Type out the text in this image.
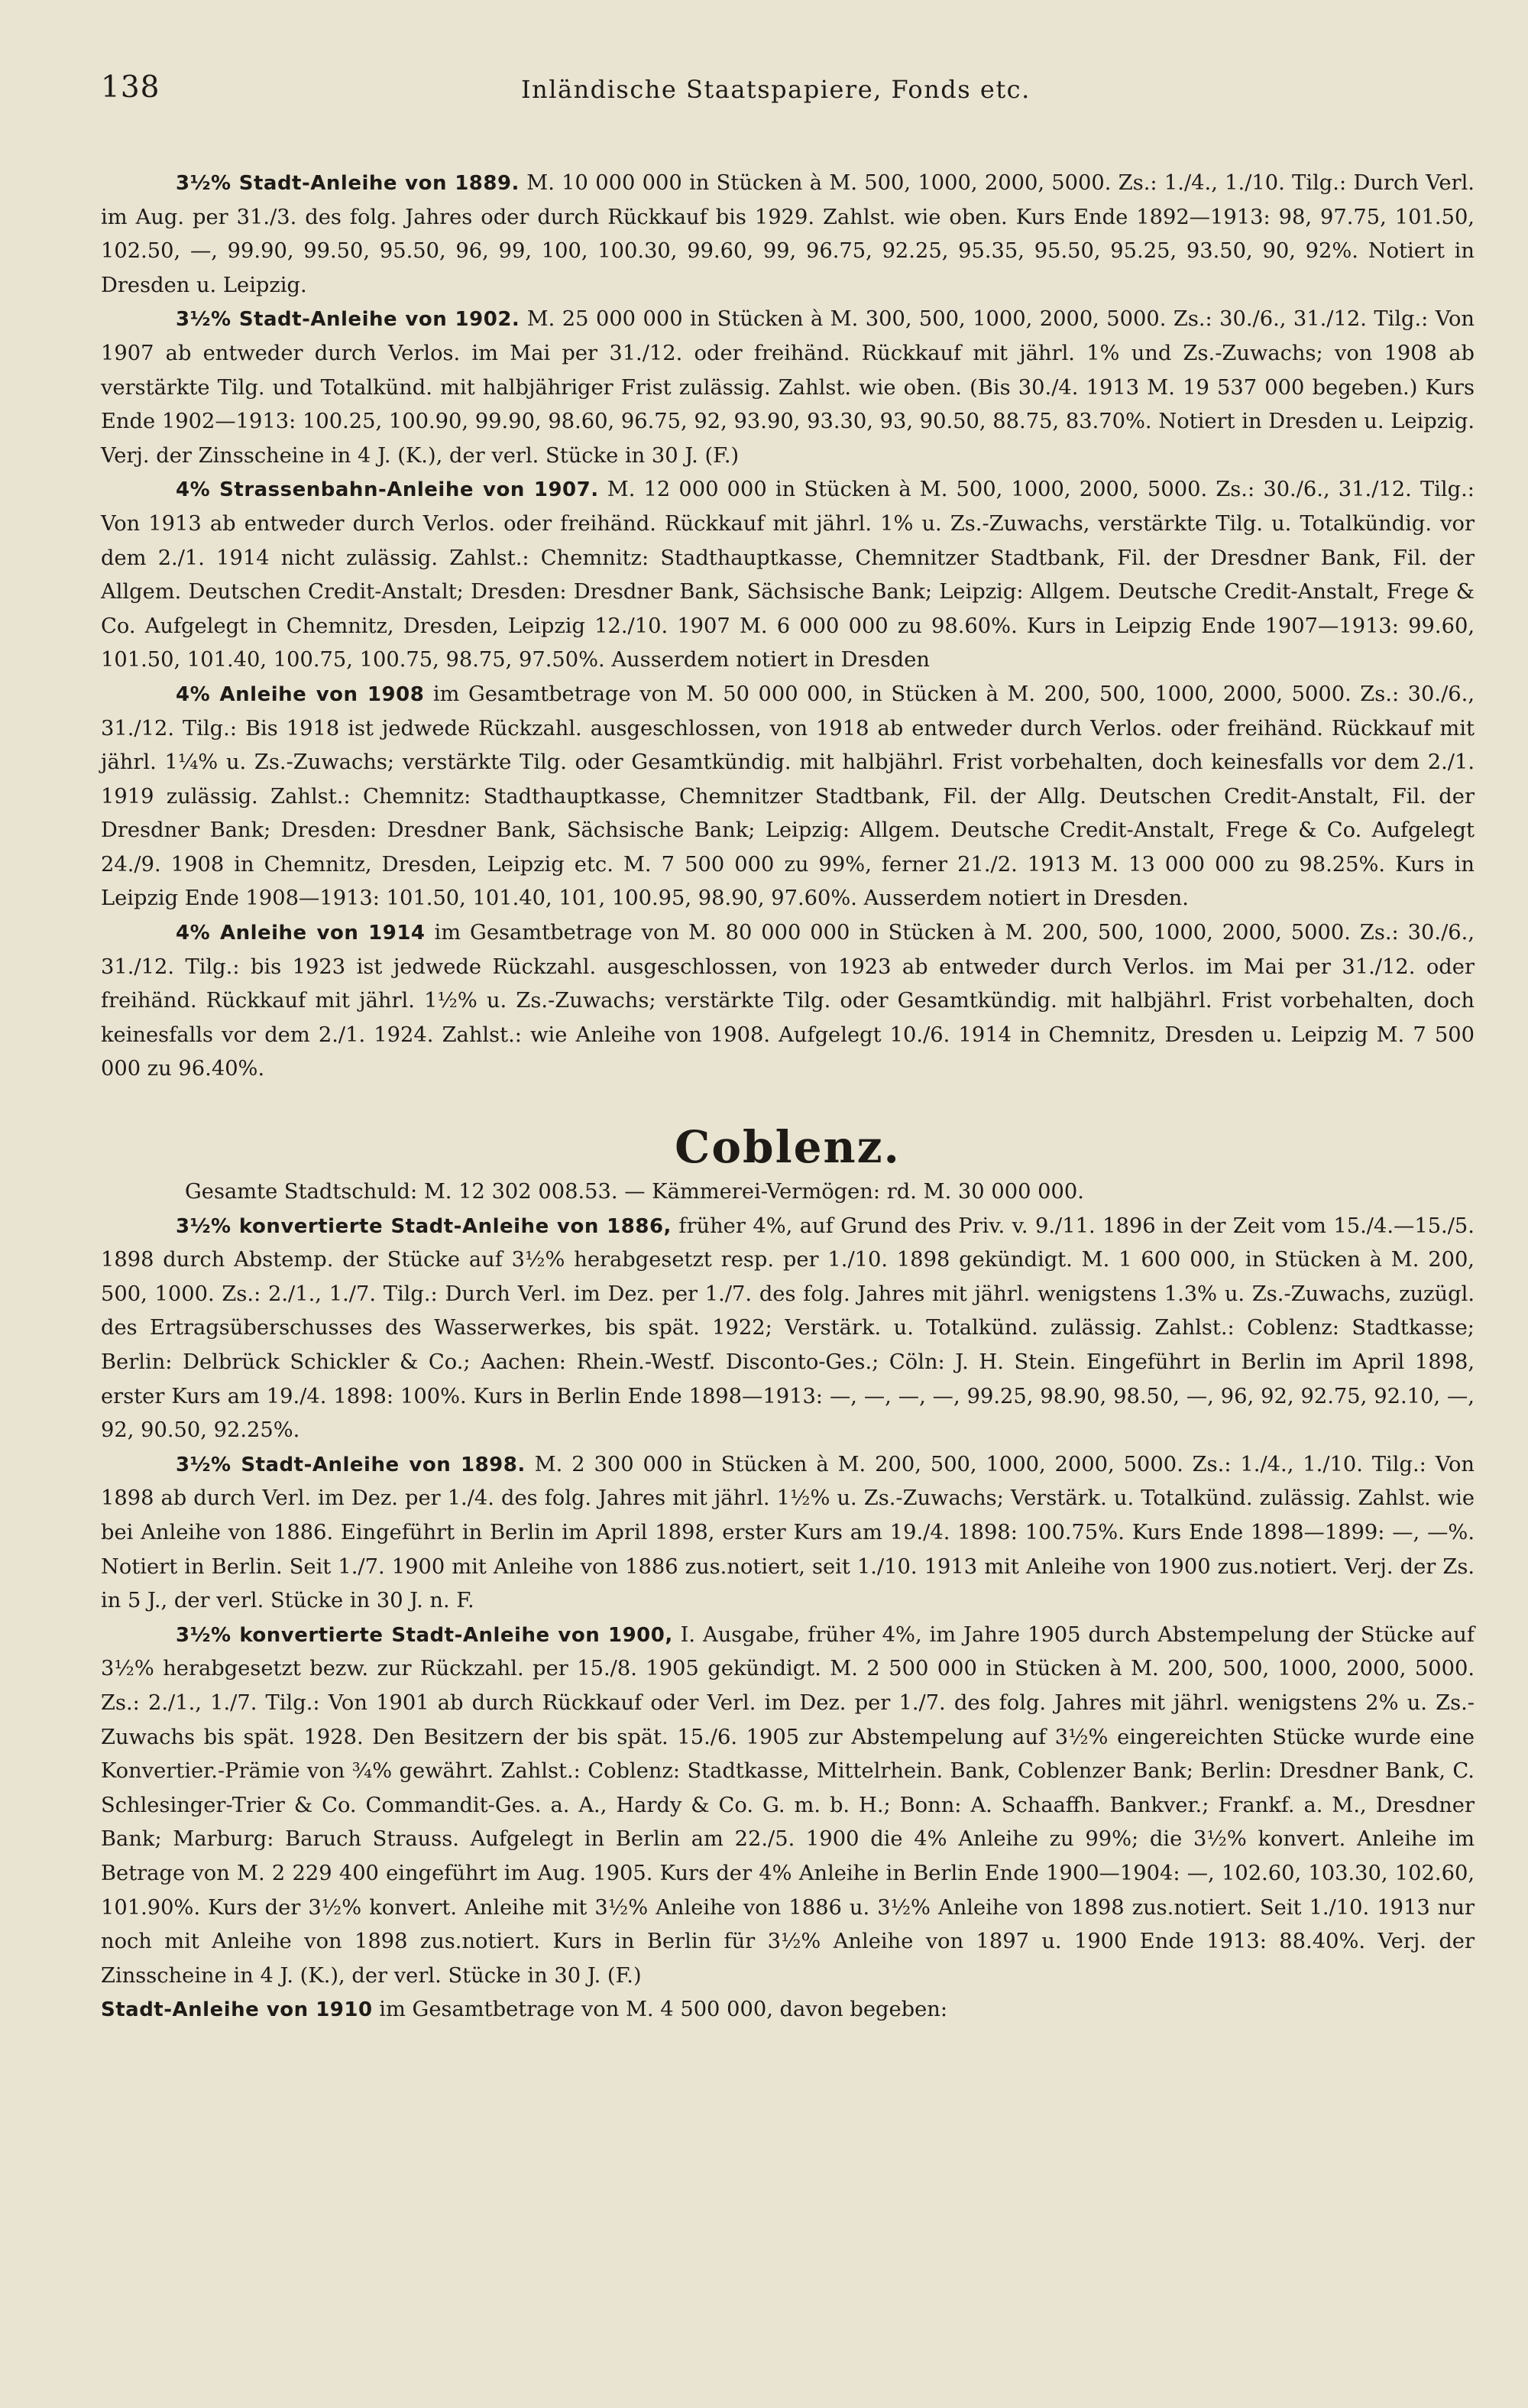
138	Inländische Staatspapiere, Fonds etc.

3½% Stadt-Anleihe von 1889. M. 10 000 000 in Stücken à M. 500, 1000, 2000, 5000. Zs.: 1./4., 1./10. Tilg.: Durch Verl. im Aug. per 31./3. des folg. Jahres oder durch Rückkauf bis 1929. Zahlst. wie oben. Kurs Ende 1892—1913: 98, 97.75, 101.50, 102.50, —, 99.90, 99.50, 95.50, 96, 99, 100, 100.30, 99.60, 99, 96.75, 92.25, 95.35, 95.50, 95.25, 93.50, 90, 92%. Notiert in Dresden u. Leipzig.

3½% Stadt-Anleihe von 1902. M. 25 000 000 in Stücken à M. 300, 500, 1000, 2000, 5000. Zs.: 30./6., 31./12. Tilg.: Von 1907 ab entweder durch Verlos. im Mai per 31./12. oder freihänd. Rückkauf mit jährl. 1% und Zs.-Zuwachs; von 1908 ab verstärkte Tilg. und Totalkünd. mit halbjähriger Frist zulässig. Zahlst. wie oben. (Bis 30./4. 1913 M. 19 537 000 begeben.) Kurs Ende 1902—1913: 100.25, 100.90, 99.90, 98.60, 96.75, 92, 93.90, 93.30, 93, 90.50, 88.75, 83.70%. Notiert in Dresden u. Leipzig. Verj. der Zinsscheine in 4 J. (K.), der verl. Stücke in 30 J. (F.)

4% Strassenbahn-Anleihe von 1907. M. 12 000 000 in Stücken à M. 500, 1000, 2000, 5000. Zs.: 30./6., 31./12. Tilg.: Von 1913 ab entweder durch Verlos. oder freihänd. Rückkauf mit jährl. 1% u. Zs.-Zuwachs, verstärkte Tilg. u. Totalkündig. vor dem 2./1. 1914 nicht zulässig. Zahlst.: Chemnitz: Stadthauptkasse, Chemnitzer Stadtbank, Fil. der Dresdner Bank, Fil. der Allgem. Deutschen Credit-Anstalt; Dresden: Dresdner Bank, Sächsische Bank; Leipzig: Allgem. Deutsche Credit-Anstalt, Frege & Co. Aufgelegt in Chemnitz, Dresden, Leipzig 12./10. 1907 M. 6 000 000 zu 98.60%. Kurs in Leipzig Ende 1907—1913: 99.60, 101.50, 101.40, 100.75, 100.75, 98.75, 97.50%. Ausserdem notiert in Dresden

4% Anleihe von 1908 im Gesamtbetrage von M. 50 000 000, in Stücken à M. 200, 500, 1000, 2000, 5000. Zs.: 30./6., 31./12. Tilg.: Bis 1918 ist jedwede Rückzahl. ausgeschlossen, von 1918 ab entweder durch Verlos. oder freihänd. Rückkauf mit jährl. 1¼% u. Zs.-Zuwachs; verstärkte Tilg. oder Gesamtkündig. mit halbjährl. Frist vorbehalten, doch keinesfalls vor dem 2./1. 1919 zulässig. Zahlst.: Chemnitz: Stadthauptkasse, Chemnitzer Stadtbank, Fil. der Allg. Deutschen Credit-Anstalt, Fil. der Dresdner Bank; Dresden: Dresdner Bank, Sächsische Bank; Leipzig: Allgem. Deutsche Credit-Anstalt, Frege & Co. Aufgelegt 24./9. 1908 in Chemnitz, Dresden, Leipzig etc. M. 7 500 000 zu 99%, ferner 21./2. 1913 M. 13 000 000 zu 98.25%. Kurs in Leipzig Ende 1908—1913: 101.50, 101.40, 101, 100.95, 98.90, 97.60%. Ausserdem notiert in Dresden.

4% Anleihe von 1914 im Gesamtbetrage von M. 80 000 000 in Stücken à M. 200, 500, 1000, 2000, 5000. Zs.: 30./6., 31./12. Tilg.: bis 1923 ist jedwede Rückzahl. ausgeschlossen, von 1923 ab entweder durch Verlos. im Mai per 31./12. oder freihänd. Rückkauf mit jährl. 1½% u. Zs.-Zuwachs; verstärkte Tilg. oder Gesamtkündig. mit halbjährl. Frist vorbehalten, doch keinesfalls vor dem 2./1. 1924. Zahlst.: wie Anleihe von 1908. Aufgelegt 10./6. 1914 in Chemnitz, Dresden u. Leipzig M. 7 500 000 zu 96.40%.

Coblenz.

Gesamte Stadtschuld: M. 12 302 008.53. — Kämmerei-Vermögen: rd. M. 30 000 000.

3½% konvertierte Stadt-Anleihe von 1886, früher 4%, auf Grund des Priv. v. 9./11. 1896 in der Zeit vom 15./4.—15./5. 1898 durch Abstemp. der Stücke auf 3½% herabgesetzt resp. per 1./10. 1898 gekündigt. M. 1 600 000, in Stücken à M. 200, 500, 1000. Zs.: 2./1., 1./7. Tilg.: Durch Verl. im Dez. per 1./7. des folg. Jahres mit jährl. wenigstens 1.3% u. Zs.-Zuwachs, zuzügl. des Ertragsüberschusses des Wasserwerkes, bis spät. 1922; Verstärk. u. Totalkünd. zulässig. Zahlst.: Coblenz: Stadtkasse; Berlin: Delbrück Schickler & Co.; Aachen: Rhein.-Westf. Disconto-Ges.; Cöln: J. H. Stein. Eingeführt in Berlin im April 1898, erster Kurs am 19./4. 1898: 100%. Kurs in Berlin Ende 1898—1913: —, —, —, —, 99.25, 98.90, 98.50, —, 96, 92, 92.75, 92.10, —, 92, 90.50, 92.25%.

3½% Stadt-Anleihe von 1898. M. 2 300 000 in Stücken à M. 200, 500, 1000, 2000, 5000. Zs.: 1./4., 1./10. Tilg.: Von 1898 ab durch Verl. im Dez. per 1./4. des folg. Jahres mit jährl. 1½% u. Zs.-Zuwachs; Verstärk. u. Totalkünd. zulässig. Zahlst. wie bei Anleihe von 1886. Eingeführt in Berlin im April 1898, erster Kurs am 19./4. 1898: 100.75%. Kurs Ende 1898—1899: —, —%. Notiert in Berlin. Seit 1./7. 1900 mit Anleihe von 1886 zus.notiert, seit 1./10. 1913 mit Anleihe von 1900 zus.notiert. Verj. der Zs. in 5 J., der verl. Stücke in 30 J. n. F.

3½% konvertierte Stadt-Anleihe von 1900, I. Ausgabe, früher 4%, im Jahre 1905 durch Abstempelung der Stücke auf 3½% herabgesetzt bezw. zur Rückzahl. per 15./8. 1905 gekündigt. M. 2 500 000 in Stücken à M. 200, 500, 1000, 2000, 5000. Zs.: 2./1., 1./7. Tilg.: Von 1901 ab durch Rückkauf oder Verl. im Dez. per 1./7. des folg. Jahres mit jährl. wenigstens 2% u. Zs.-Zuwachs bis spät. 1928. Den Besitzern der bis spät. 15./6. 1905 zur Abstempelung auf 3½% eingereichten Stücke wurde eine Konvertier.-Prämie von ¾% gewährt. Zahlst.: Coblenz: Stadtkasse, Mittelrhein. Bank, Coblenzer Bank; Berlin: Dresdner Bank, C. Schlesinger-Trier & Co. Commandit-Ges. a. A., Hardy & Co. G. m. b. H.; Bonn: A. Schaaffh. Bankver.; Frankf. a. M., Dresdner Bank; Marburg: Baruch Strauss. Aufgelegt in Berlin am 22./5. 1900 die 4% Anleihe zu 99%; die 3½% konvert. Anleihe im Betrage von M. 2 229 400 eingeführt im Aug. 1905. Kurs der 4% Anleihe in Berlin Ende 1900—1904: —, 102.60, 103.30, 102.60, 101.90%. Kurs der 3½% konvert. Anleihe mit 3½% Anleihe von 1886 u. 3½% Anleihe von 1898 zus.notiert. Seit 1./10. 1913 nur noch mit Anleihe von 1898 zus.notiert. Kurs in Berlin für 3½% Anleihe von 1897 u. 1900 Ende 1913: 88.40%. Verj. der Zinsscheine in 4 J. (K.), der verl. Stücke in 30 J. (F.)

Stadt-Anleihe von 1910 im Gesamtbetrage von M. 4 500 000, davon begeben:
